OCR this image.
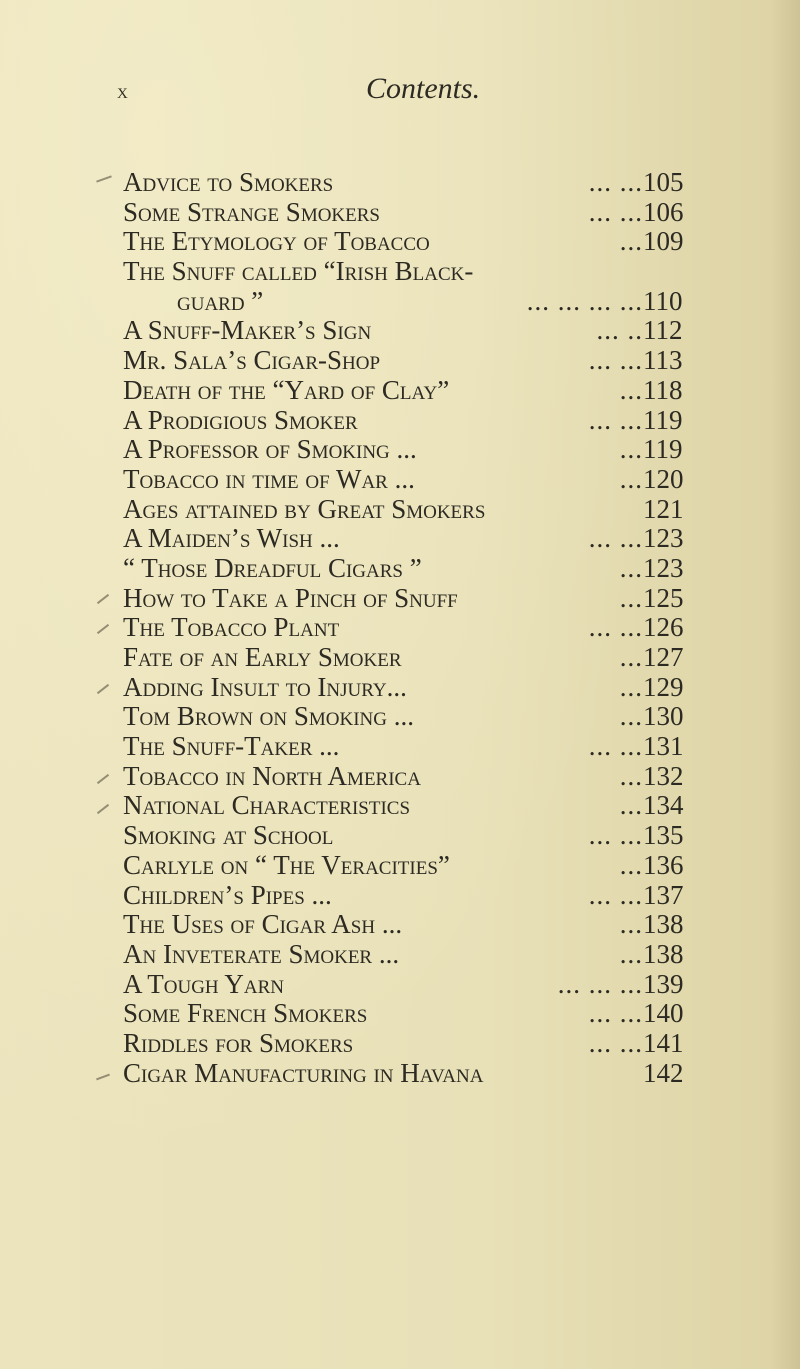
x	Contents.
Advice to Smokers	... ... 105
Some Strange Smokers	... ... 106
The Etymology of Tobacco	... 109
The Snuff called “Irish Black-
guard ”	... ... ... ... 110
A Snuff-Maker’s Sign	... .. 112
Mr. Sala’s Cigar-Shop	... ... 113
Death of the “Yard of Clay”	... 118
A Prodigious Smoker	... ... 119
A Professor of Smoking ...	... 119
Tobacco in time of War ...	... 120
Ages attained by Great Smokers	121
A Maiden’s Wish ...	... ... 123
“ Those Dreadful Cigars ”	... 123
How to Take a Pinch of Snuff	... 125
The Tobacco Plant	... ... 126
Fate of an Early Smoker	... 127
Adding Insult to Injury...	... 129
Tom Brown on Smoking ...	... 130
The Snuff-Taker ...	... ... 131
Tobacco in North America	... 132
National Characteristics	... 134
Smoking at School	... ... 135
Carlyle on “ The Veracities”	... 136
Children’s Pipes ...	... ... 137
The Uses of Cigar Ash ...	... 138
An Inveterate Smoker ...	... 138
A Tough Yarn	... ... ... 139
Some French Smokers	... ... 140
Riddles for Smokers	... ... 141
Cigar Manufacturing in Havana	142
